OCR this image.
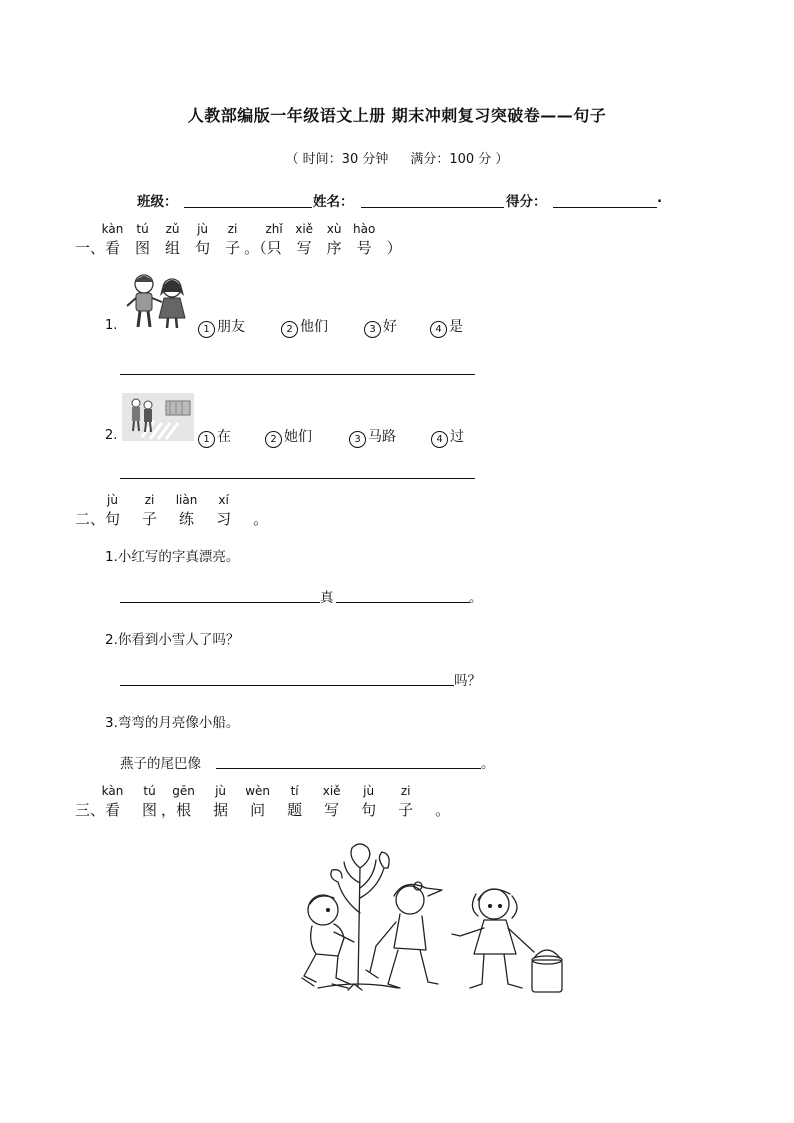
人教部编版一年级语文上册 期末冲刺复习突破卷——句子
（ 时间：30 分钟 满分：100 分 ）
班级：	姓名：	得分：	.
一、
kàn
看
tú
图
zǔ
组
jù
句
zi
子 。（
zhǐ
只
xiě
写
xù
序
hào
号 ）
1.	1 朋友	2 他们	3 好	4 是
2.	1 在	2 她们	3 马路	4 过
二、
jù
句
zi
子
liàn
练
xí
习 。
1.小红写的字真漂亮。
真	。
2.你看到小雪人了吗？
吗？
3.弯弯的月亮像小船。
燕子的尾巴像	。
三、
kàn
看
tú
图 ，
gēn
根
jù
据
wèn
问
tí
题
xiě
写
jù
句
zi
子 。
